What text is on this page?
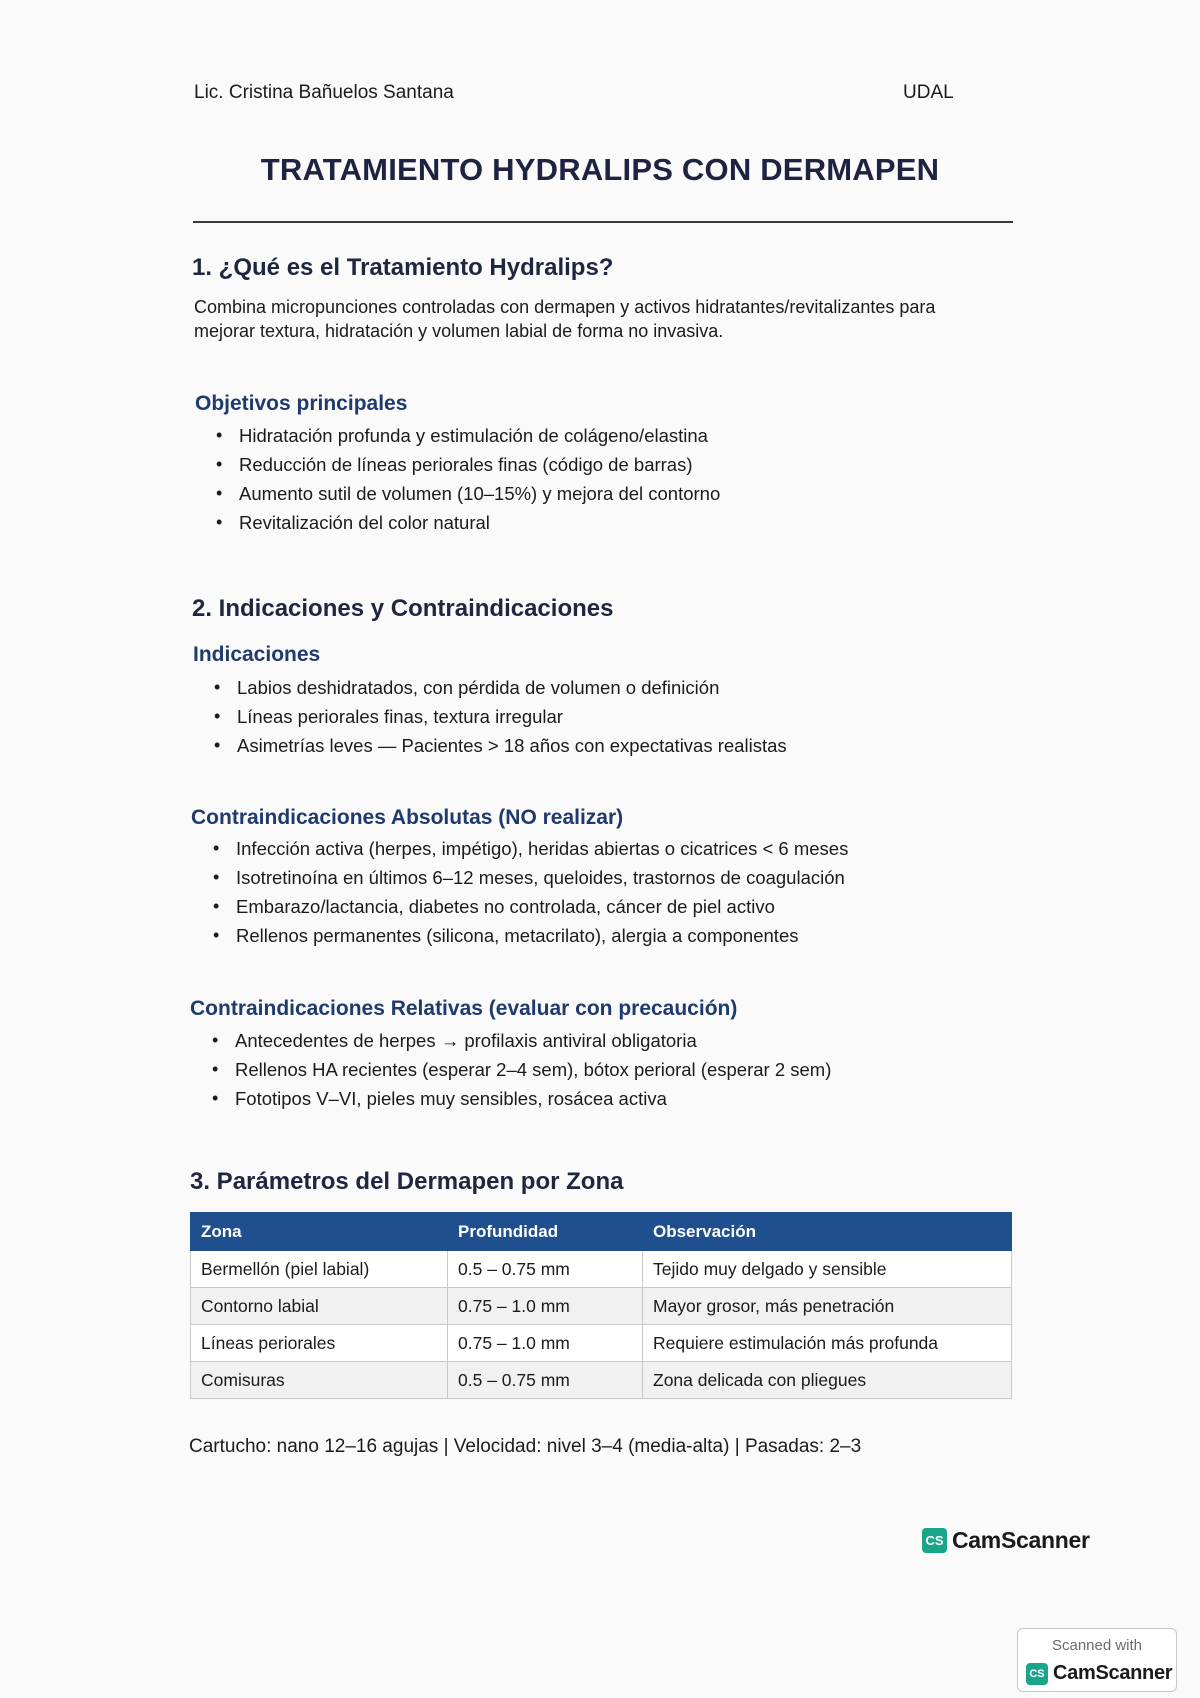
Lic. Cristina Bañuelos Santana	UDAL
TRATAMIENTO HYDRALIPS CON DERMAPEN
1. ¿Qué es el Tratamiento Hydralips?
Combina micropunciones controladas con dermapen y activos hidratantes/revitalizantes para mejorar textura, hidratación y volumen labial de forma no invasiva.
Objetivos principales
• Hidratación profunda y estimulación de colágeno/elastina
• Reducción de líneas periorales finas (código de barras)
• Aumento sutil de volumen (10–15%) y mejora del contorno
• Revitalización del color natural
2. Indicaciones y Contraindicaciones
Indicaciones
• Labios deshidratados, con pérdida de volumen o definición
• Líneas periorales finas, textura irregular
• Asimetrías leves — Pacientes > 18 años con expectativas realistas
Contraindicaciones Absolutas (NO realizar)
• Infección activa (herpes, impétigo), heridas abiertas o cicatrices < 6 meses
• Isotretinoína en últimos 6–12 meses, queloides, trastornos de coagulación
• Embarazo/lactancia, diabetes no controlada, cáncer de piel activo
• Rellenos permanentes (silicona, metacrilato), alergia a componentes
Contraindicaciones Relativas (evaluar con precaución)
• Antecedentes de herpes → profilaxis antiviral obligatoria
• Rellenos HA recientes (esperar 2–4 sem), bótox perioral (esperar 2 sem)
• Fototipos V–VI, pieles muy sensibles, rosácea activa
3. Parámetros del Dermapen por Zona
Zona	Profundidad	Observación
Bermellón (piel labial)	0.5 – 0.75 mm	Tejido muy delgado y sensible
Contorno labial	0.75 – 1.0 mm	Mayor grosor, más penetración
Líneas periorales	0.75 – 1.0 mm	Requiere estimulación más profunda
Comisuras	0.5 – 0.75 mm	Zona delicada con pliegues
Cartucho: nano 12–16 agujas | Velocidad: nivel 3–4 (media-alta) | Pasadas: 2–3
CS CamScanner
Scanned with
CS CamScanner
